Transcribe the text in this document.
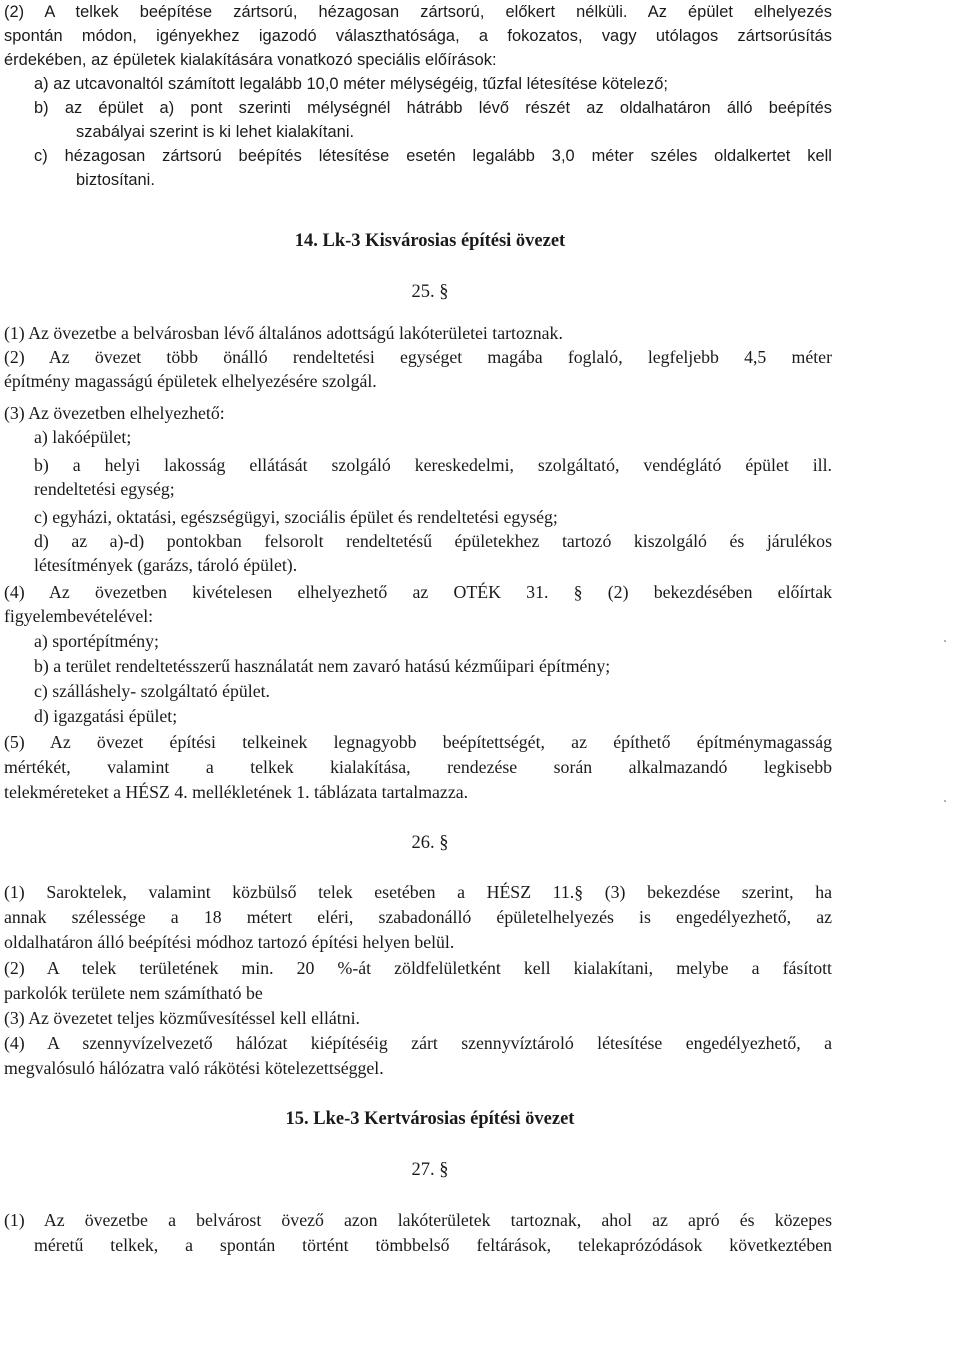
(2) A telkek beépítése zártsorú, hézagosan zártsorú, előkert nélküli. Az épület elhelyezés
spontán módon, igényekhez igazodó választhatósága, a fokozatos, vagy utólagos zártsorúsítás
érdekében, az épületek kialakítására vonatkozó speciális előírások:
a) az utcavonaltól számított legalább 10,0 méter mélységéig, tűzfal létesítése kötelező;
b) az épület a) pont szerinti mélységnél hátrább lévő részét az oldalhatáron álló beépítés
szabályai szerint is ki lehet kialakítani.
c) hézagosan zártsorú beépítés létesítése esetén legalább 3,0 méter széles oldalkertet kell
biztosítani.
14. Lk-3 Kisvárosias építési övezet
25. §
(1) Az övezetbe a belvárosban lévő általános adottságú lakóterületei tartoznak.
(2) Az övezet több önálló rendeltetési egységet magába foglaló, legfeljebb 4,5 méter
építmény magasságú épületek elhelyezésére szolgál.
(3) Az övezetben elhelyezhető:
a) lakóépület;
b) a helyi lakosság ellátását szolgáló kereskedelmi, szolgáltató, vendéglátó épület ill.
rendeltetési egység;
c) egyházi, oktatási, egészségügyi, szociális épület és rendeltetési egység;
d) az a)-d) pontokban felsorolt rendeltetésű épületekhez tartozó kiszolgáló és járulékos
létesítmények (garázs, tároló épület).
(4) Az övezetben kivételesen elhelyezhető az OTÉK 31. § (2) bekezdésében előírtak
figyelembevételével:
a) sportépítmény;
b) a terület rendeltetésszerű használatát nem zavaró hatású kézműipari építmény;
c) szálláshely- szolgáltató épület.
d) igazgatási épület;
(5) Az övezet építési telkeinek legnagyobb beépítettségét, az építhető építménymagasság
mértékét, valamint a telkek kialakítása, rendezése során alkalmazandó legkisebb
telekméreteket a HÉSZ 4. mellékletének 1. táblázata tartalmazza.
26. §
(1) Saroktelek, valamint közbülső telek esetében a HÉSZ 11.§ (3) bekezdése szerint, ha
annak szélessége a 18 métert eléri, szabadonálló épületelhelyezés is engedélyezhető, az
oldalhatáron álló beépítési módhoz tartozó építési helyen belül.
(2) A telek területének min. 20 %-át zöldfelületként kell kialakítani, melybe a fásított
parkolók területe nem számítható be
(3) Az övezetet teljes közművesítéssel kell ellátni.
(4) A szennyvízelvezető hálózat kiépítéséig zárt szennyvíztároló létesítése engedélyezhető, a
megvalósuló hálózatra való rákötési kötelezettséggel.
15. Lke-3 Kertvárosias építési övezet
27. §
(1) Az övezetbe a belvárost övező azon lakóterületek tartoznak, ahol az apró és közepes
méretű telkek, a spontán történt tömbbelső feltárások, telekaprózódások következtében
